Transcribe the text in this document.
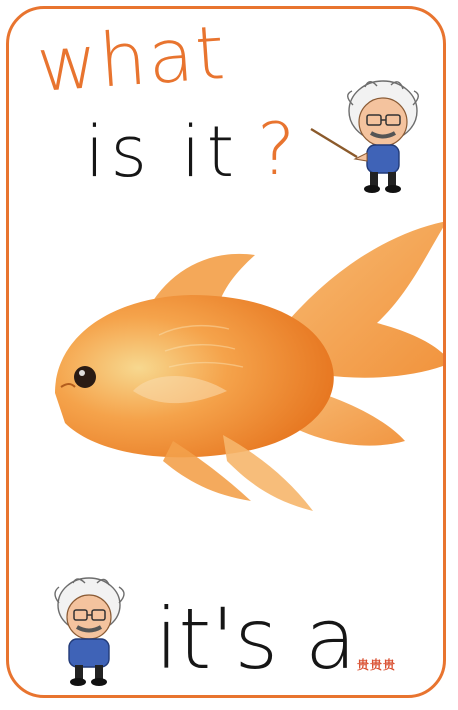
what
is it ?
it's a 贵贵贵
